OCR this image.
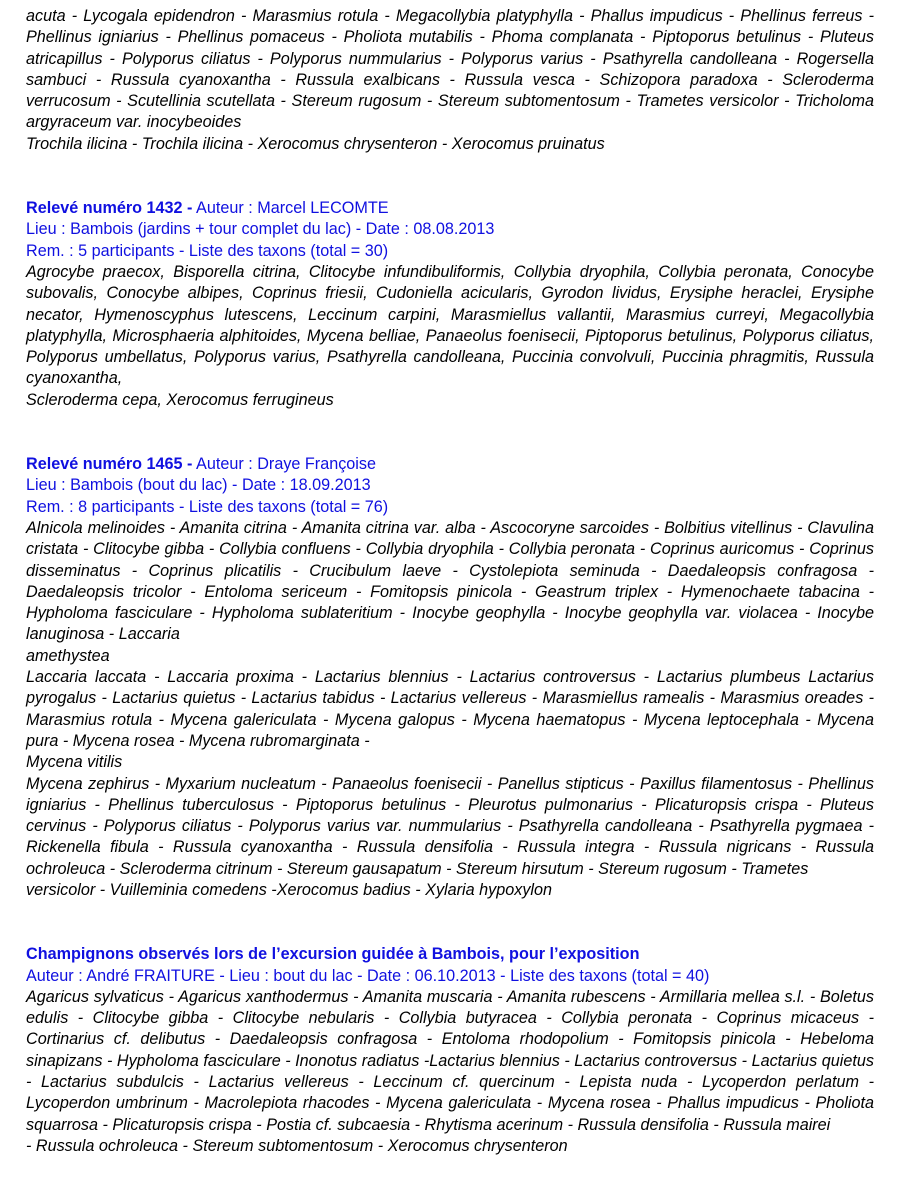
acuta - Lycogala epidendron - Marasmius rotula - Megacollybia platyphylla - Phallus impudicus - Phellinus ferreus - Phellinus igniarius - Phellinus pomaceus - Pholiota mutabilis - Phoma complanata - Piptoporus betulinus - Pluteus atricapillus - Polyporus ciliatus - Polyporus nummularius - Polyporus varius - Psathyrella candolleana - Rogersella sambuci - Russula cyanoxantha - Russula exalbicans - Russula vesca - Schizopora paradoxa - Scleroderma verrucosum - Scutellinia scutellata - Stereum rugosum - Stereum subtomentosum - Trametes versicolor - Tricholoma argyraceum var. inocybeoides

Trochila ilicina - Trochila ilicina - Xerocomus chrysenteron - Xerocomus pruinatus

Relevé numéro 1432 - Auteur : Marcel LECOMTE

Lieu : Bambois (jardins + tour complet du lac) - Date : 08.08.2013

Rem. : 5 participants - Liste des taxons (total = 30)

Agrocybe praecox, Bisporella citrina, Clitocybe infundibuliformis, Collybia dryophila, Collybia peronata, Conocybe subovalis, Conocybe albipes, Coprinus friesii, Cudoniella acicularis, Gyrodon lividus, Erysiphe heraclei, Erysiphe necator, Hymenoscyphus lutescens, Leccinum carpini, Marasmiellus vallantii, Marasmius curreyi, Megacollybia platyphylla, Microsphaeria alphitoides, Mycena belliae, Panaeolus foenisecii, Piptoporus betulinus, Polyporus ciliatus, Polyporus umbellatus, Polyporus varius, Psathyrella candolleana, Puccinia convolvuli, Puccinia phragmitis, Russula cyanoxantha,

Scleroderma cepa, Xerocomus ferrugineus

Relevé numéro 1465 - Auteur : Draye Françoise

Lieu : Bambois (bout du lac) - Date : 18.09.2013

Rem. : 8 participants - Liste des taxons (total = 76)

Alnicola melinoides - Amanita citrina - Amanita citrina var. alba - Ascocoryne sarcoides - Bolbitius vitellinus - Clavulina cristata - Clitocybe gibba - Collybia confluens - Collybia dryophila - Collybia peronata - Coprinus auricomus - Coprinus disseminatus - Coprinus plicatilis - Crucibulum laeve - Cystolepiota seminuda - Daedaleopsis confragosa - Daedaleopsis tricolor - Entoloma sericeum - Fomitopsis pinicola - Geastrum triplex - Hymenochaete tabacina - Hypholoma fasciculare - Hypholoma sublateritium - Inocybe geophylla - Inocybe geophylla var. violacea - Inocybe lanuginosa - Laccaria

amethystea

Laccaria laccata - Laccaria proxima - Lactarius blennius - Lactarius controversus - Lactarius plumbeus Lactarius pyrogalus - Lactarius quietus - Lactarius tabidus - Lactarius vellereus - Marasmiellus ramealis - Marasmius oreades - Marasmius rotula - Mycena galericulata - Mycena galopus - Mycena haematopus - Mycena leptocephala - Mycena pura - Mycena rosea - Mycena rubromarginata -

Mycena vitilis

Mycena zephirus - Myxarium nucleatum - Panaeolus foenisecii - Panellus stipticus - Paxillus filamentosus - Phellinus igniarius - Phellinus tuberculosus - Piptoporus betulinus - Pleurotus pulmonarius - Plicaturopsis crispa - Pluteus cervinus - Polyporus ciliatus - Polyporus varius var. nummularius - Psathyrella candolleana - Psathyrella pygmaea - Rickenella fibula - Russula cyanoxantha - Russula densifolia - Russula integra - Russula nigricans - Russula ochroleuca - Scleroderma citrinum - Stereum gausapatum - Stereum hirsutum - Stereum rugosum - Trametes

versicolor - Vuilleminia comedens -Xerocomus badius - Xylaria hypoxylon

Champignons observés lors de l’excursion guidée à Bambois, pour l’exposition

Auteur : André FRAITURE - Lieu : bout du lac - Date : 06.10.2013 - Liste des taxons (total = 40)

Agaricus sylvaticus - Agaricus xanthodermus - Amanita muscaria - Amanita rubescens - Armillaria mellea s.l. - Boletus edulis - Clitocybe gibba - Clitocybe nebularis - Collybia butyracea - Collybia peronata - Coprinus micaceus - Cortinarius cf. delibutus - Daedaleopsis confragosa - Entoloma rhodopolium - Fomitopsis pinicola - Hebeloma sinapizans - Hypholoma fasciculare - Inonotus radiatus -Lactarius blennius - Lactarius controversus - Lactarius quietus - Lactarius subdulcis - Lactarius vellereus - Leccinum cf. quercinum - Lepista nuda - Lycoperdon perlatum - Lycoperdon umbrinum - Macrolepiota rhacodes - Mycena galericulata - Mycena rosea - Phallus impudicus - Pholiota squarrosa - Plicaturopsis crispa - Postia cf. subcaesia - Rhytisma acerinum - Russula densifolia - Russula mairei

- Russula ochroleuca - Stereum subtomentosum - Xerocomus chrysenteron
